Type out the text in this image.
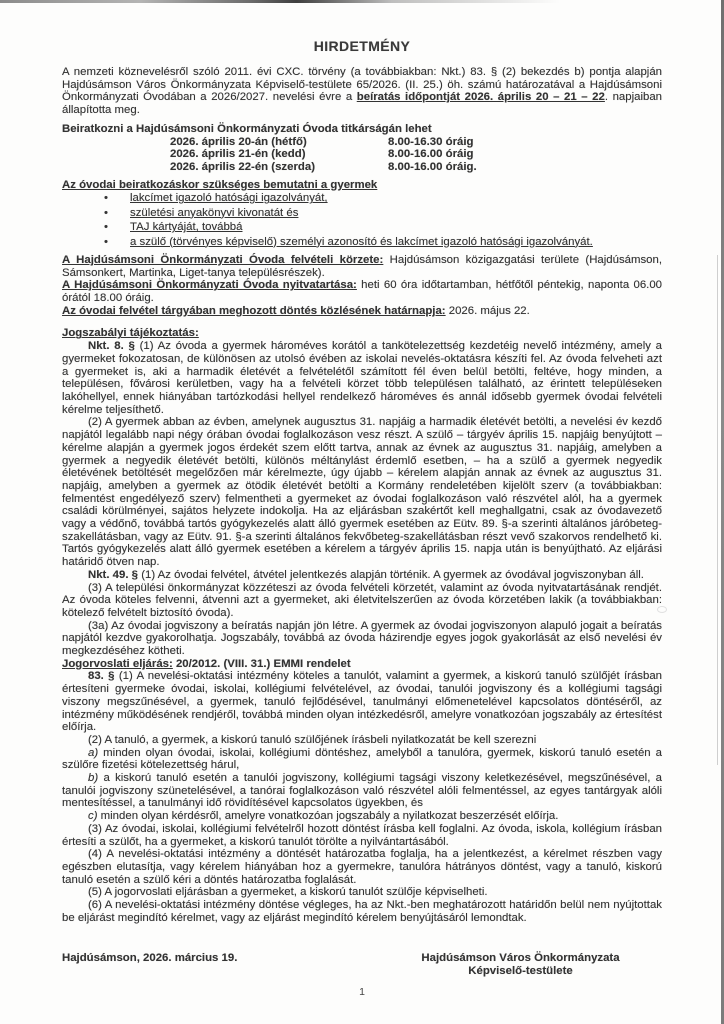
HIRDETMÉNY

A nemzeti köznevelésről szóló 2011. évi CXC. törvény (a továbbiakban: Nkt.) 83. § (2) bekezdés b) pontja alapján Hajdúsámson Város Önkormányzata Képviselő-testülete 65/2026. (II. 25.) öh. számú határozatával a Hajdúsámsoni Önkormányzati Óvodában a 2026/2027. nevelési évre a beíratás időpontját 2026. április 20 – 21 – 22. napjaiban állapította meg.

Beiratkozni a Hajdúsámsoni Önkormányzati Óvoda titkárságán lehet

2026. április 20-án (hétfő)	8.00-16.30 óráig
2026. április 21-én (kedd)	8.00-16.00 óráig
2026. április 22-én (szerda)	8.00-16.00 óráig.

Az óvodai beiratkozáskor szükséges bemutatni a gyermek

•	lakcímet igazoló hatósági igazolványát,
•	születési anyakönyvi kivonatát és
•	TAJ kártyáját, továbbá
•	a szülő (törvényes képviselő) személyi azonosító és lakcímet igazoló hatósági igazolványát.

A Hajdúsámsoni Önkormányzati Óvoda felvételi körzete: Hajdúsámson közigazgatási területe (Hajdúsámson, Sámsonkert, Martinka, Liget-tanya településrészek).

A Hajdúsámsoni Önkormányzati Óvoda nyitvatartása: heti 60 óra időtartamban, hétfőtől péntekig, naponta 06.00 órától 18.00 óráig.

Az óvodai felvétel tárgyában meghozott döntés közlésének határnapja: 2026. május 22.

Jogszabályi tájékoztatás:

Nkt. 8. § (1) Az óvoda a gyermek hároméves korától a tankötelezettség kezdetéig nevelő intézmény, amely a gyermeket fokozatosan, de különösen az utolsó évében az iskolai nevelés-oktatásra készíti fel. Az óvoda felveheti azt a gyermeket is, aki a harmadik életévét a felvételétől számított fél éven belül betölti, feltéve, hogy minden, a településen, fővárosi kerületben, vagy ha a felvételi körzet több településen található, az érintett településeken lakóhellyel, ennek hiányában tartózkodási hellyel rendelkező hároméves és annál idősebb gyermek óvodai felvételi kérelme teljesíthető.

(2) A gyermek abban az évben, amelynek augusztus 31. napjáig a harmadik életévét betölti, a nevelési év kezdő napjától legalább napi négy órában óvodai foglalkozáson vesz részt. A szülő – tárgyév április 15. napjáig benyújtott – kérelme alapján a gyermek jogos érdekét szem előtt tartva, annak az évnek az augusztus 31. napjáig, amelyben a gyermek a negyedik életévét betölti, különös méltánylást érdemlő esetben, – ha a szülő a gyermek negyedik életévének betöltését megelőzően már kérelmezte, úgy újabb – kérelem alapján annak az évnek az augusztus 31. napjáig, amelyben a gyermek az ötödik életévét betölti a Kormány rendeletében kijelölt szerv (a továbbiakban: felmentést engedélyező szerv) felmentheti a gyermeket az óvodai foglalkozáson való részvétel alól, ha a gyermek családi körülményei, sajátos helyzete indokolja. Ha az eljárásban szakértőt kell meghallgatni, csak az óvodavezető vagy a védőnő, továbbá tartós gyógykezelés alatt álló gyermek esetében az Eütv. 89. §-a szerinti általános járóbeteg-szakellátásban, vagy az Eütv. 91. §-a szerinti általános fekvőbeteg-szakellátásban részt vevő szakorvos rendelhető ki. Tartós gyógykezelés alatt álló gyermek esetében a kérelem a tárgyév április 15. napja után is benyújtható. Az eljárási határidő ötven nap.

Nkt. 49. § (1) Az óvodai felvétel, átvétel jelentkezés alapján történik. A gyermek az óvodával jogviszonyban áll.

(3) A települési önkormányzat közzéteszi az óvoda felvételi körzetét, valamint az óvoda nyitvatartásának rendjét. Az óvoda köteles felvenni, átvenni azt a gyermeket, aki életvitelszerűen az óvoda körzetében lakik (a továbbiakban: kötelező felvételt biztosító óvoda).

(3a) Az óvodai jogviszony a beíratás napján jön létre. A gyermek az óvodai jogviszonyon alapuló jogait a beíratás napjától kezdve gyakorolhatja. Jogszabály, továbbá az óvoda házirendje egyes jogok gyakorlását az első nevelési év megkezdéséhez kötheti.

Jogorvoslati eljárás: 20/2012. (VIII. 31.) EMMI rendelet

83. § (1) A nevelési-oktatási intézmény köteles a tanulót, valamint a gyermek, a kiskorú tanuló szülőjét írásban értesíteni gyermeke óvodai, iskolai, kollégiumi felvételével, az óvodai, tanulói jogviszony és a kollégiumi tagsági viszony megszűnésével, a gyermek, tanuló fejlődésével, tanulmányi előmenetelével kapcsolatos döntéséről, az intézmény működésének rendjéről, továbbá minden olyan intézkedésről, amelyre vonatkozóan jogszabály az értesítést előírja.

(2) A tanuló, a gyermek, a kiskorú tanuló szülőjének írásbeli nyilatkozatát be kell szerezni

a) minden olyan óvodai, iskolai, kollégiumi döntéshez, amelyből a tanulóra, gyermek, kiskorú tanuló esetén a szülőre fizetési kötelezettség hárul,

b) a kiskorú tanuló esetén a tanulói jogviszony, kollégiumi tagsági viszony keletkezésével, megszűnésével, a tanulói jogviszony szünetelésével, a tanórai foglalkozáson való részvétel alóli felmentéssel, az egyes tantárgyak alóli mentesítéssel, a tanulmányi idő rövidítésével kapcsolatos ügyekben, és

c) minden olyan kérdésről, amelyre vonatkozóan jogszabály a nyilatkozat beszerzését előírja.

(3) Az óvodai, iskolai, kollégiumi felvételről hozott döntést írásba kell foglalni. Az óvoda, iskola, kollégium írásban értesíti a szülőt, ha a gyermeket, a kiskorú tanulót törölte a nyilvántartásából.

(4) A nevelési-oktatási intézmény a döntését határozatba foglalja, ha a jelentkezést, a kérelmet részben vagy egészben elutasítja, vagy kérelem hiányában hoz a gyermekre, tanulóra hátrányos döntést, vagy a tanuló, kiskorú tanuló esetén a szülő kéri a döntés határozatba foglalását.

(5) A jogorvoslati eljárásban a gyermeket, a kiskorú tanulót szülője képviselheti.

(6) A nevelési-oktatási intézmény döntése végleges, ha az Nkt.-ben meghatározott határidőn belül nem nyújtottak be eljárást megindító kérelmet, vagy az eljárást megindító kérelem benyújtásáról lemondtak.

Hajdúsámson, 2026. március 19.	Hajdúsámson Város Önkormányzata
Képviselő-testülete
1
